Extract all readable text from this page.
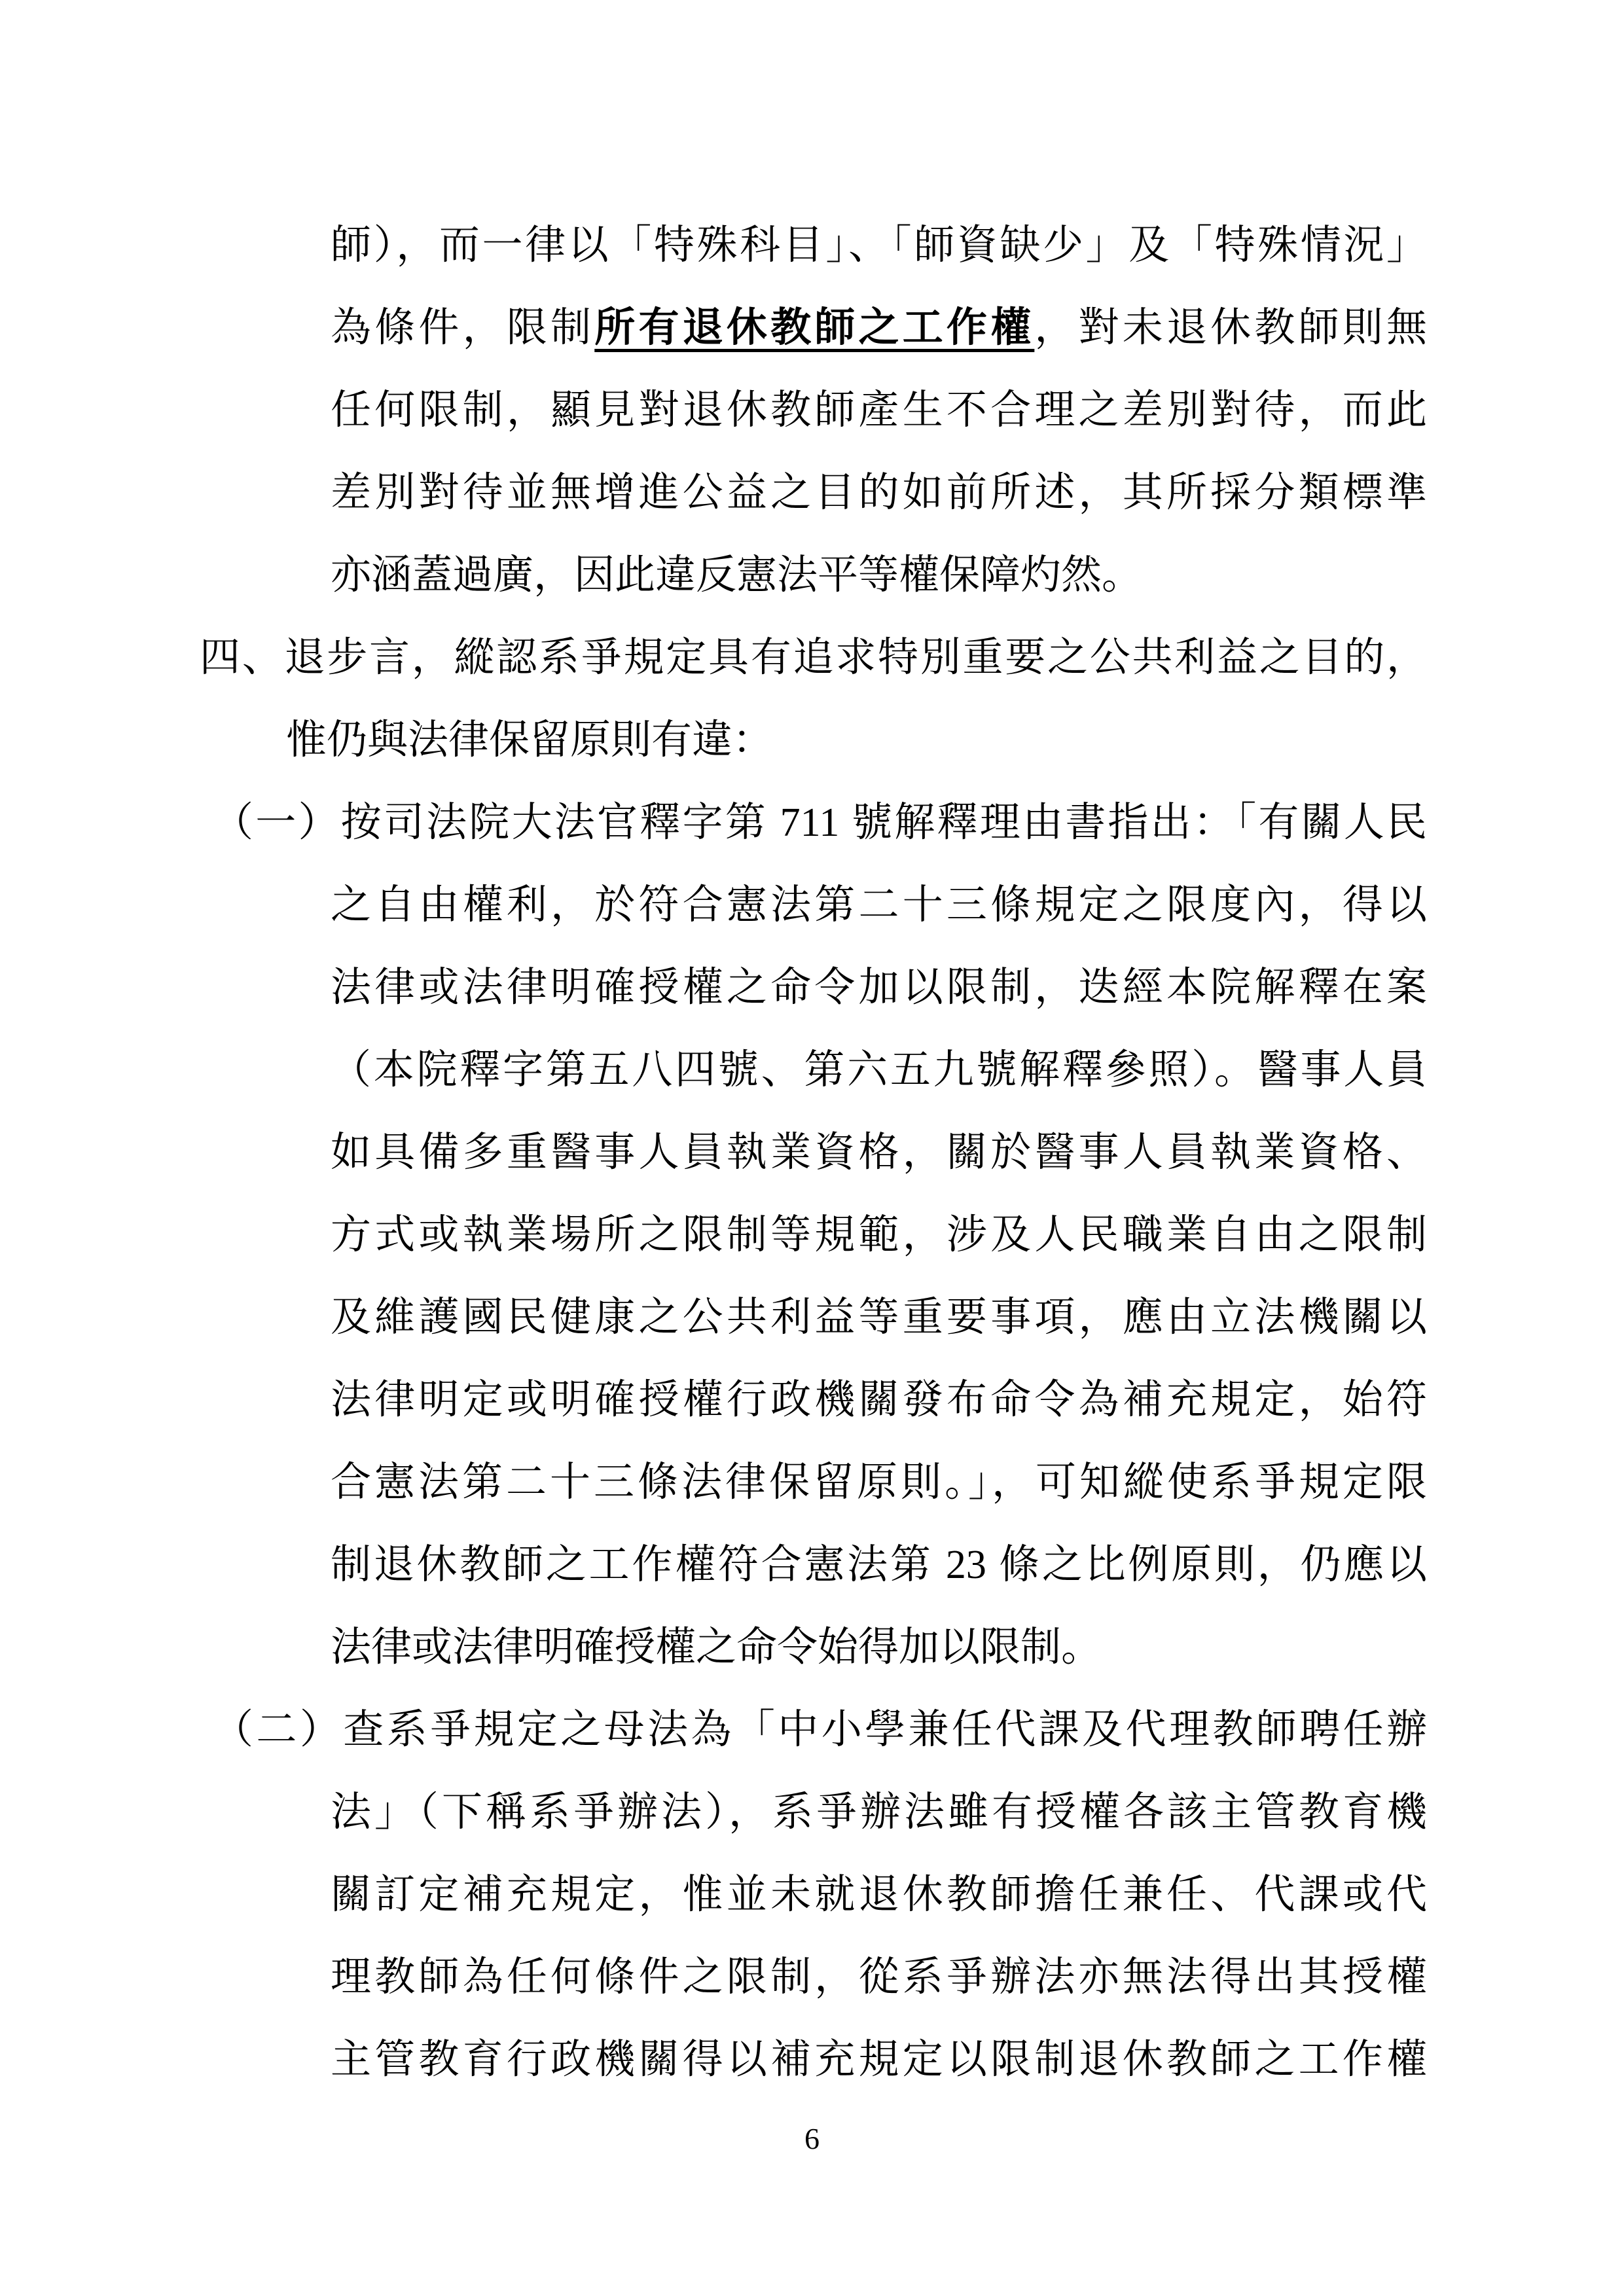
師），而一律以「特殊科目」、「師資缺少」及「特殊情況」

為條件，限制所有退休教師之工作權，對未退休教師則無

任何限制，顯見對退休教師產生不合理之差別對待，而此

差別對待並無增進公益之目的如前所述，其所採分類標準

亦涵蓋過廣，因此違反憲法平等權保障灼然。

四、退步言，縱認系爭規定具有追求特別重要之公共利益之目的，

惟仍與法律保留原則有違：

（一）按司法院大法官釋字第 711 號解釋理由書指出：「有關人民

之自由權利，於符合憲法第二十三條規定之限度內，得以

法律或法律明確授權之命令加以限制，迭經本院解釋在案

（本院釋字第五八四號、第六五九號解釋參照）。醫事人員

如具備多重醫事人員執業資格，關於醫事人員執業資格、

方式或執業場所之限制等規範，涉及人民職業自由之限制

及維護國民健康之公共利益等重要事項，應由立法機關以

法律明定或明確授權行政機關發布命令為補充規定，始符

合憲法第二十三條法律保留原則。」，可知縱使系爭規定限

制退休教師之工作權符合憲法第 23 條之比例原則，仍應以

法律或法律明確授權之命令始得加以限制。

（二）查系爭規定之母法為「中小學兼任代課及代理教師聘任辦

法」（下稱系爭辦法），系爭辦法雖有授權各該主管教育機

關訂定補充規定，惟並未就退休教師擔任兼任、代課或代

理教師為任何條件之限制，從系爭辦法亦無法得出其授權

主管教育行政機關得以補充規定以限制退休教師之工作權

6
